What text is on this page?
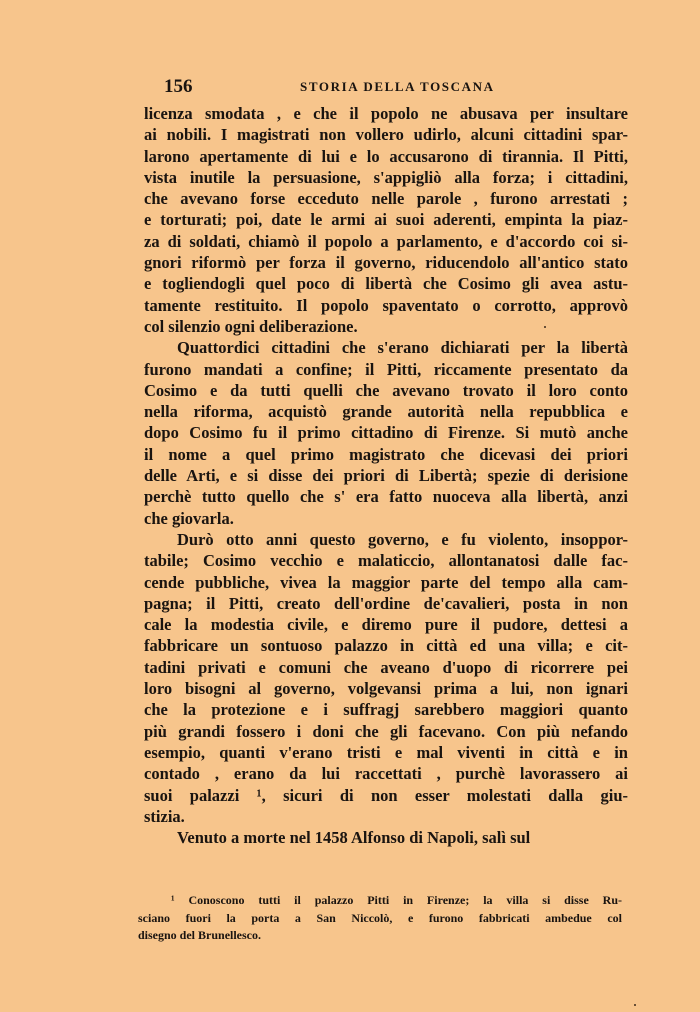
156	STORIA DELLA TOSCANA
licenza smodata , e che il popolo ne abusava per insultare
ai nobili. I magistrati non vollero udirlo, alcuni cittadini spar-
larono apertamente di lui e lo accusarono di tirannia. Il Pitti,
vista inutile la persuasione, s'appigliò alla forza; i cittadini,
che avevano forse ecceduto nelle parole , furono arrestati ;
e torturati; poi, date le armi ai suoi aderenti, empinta la piaz-
za di soldati, chiamò il popolo a parlamento, e d'accordo coi si-
gnori riformò per forza il governo, riducendolo all'antico stato
e togliendogli quel poco di libertà che Cosimo gli avea astu-
tamente restituito. Il popolo spaventato o corrotto, approvò
col silenzio ogni deliberazione.
Quattordici cittadini che s'erano dichiarati per la libertà
furono mandati a confine; il Pitti, riccamente presentato da
Cosimo e da tutti quelli che avevano trovato il loro conto
nella riforma, acquistò grande autorità nella repubblica e
dopo Cosimo fu il primo cittadino di Firenze. Si mutò anche
il nome a quel primo magistrato che dicevasi dei priori
delle Arti, e si disse dei priori di Libertà; spezie di derisione
perchè tutto quello che s' era fatto nuoceva alla libertà, anzi
che giovarla.
Durò otto anni questo governo, e fu violento, insoppor-
tabile; Cosimo vecchio e malaticcio, allontanatosi dalle fac-
cende pubbliche, vivea la maggior parte del tempo alla cam-
pagna; il Pitti, creato dell'ordine de'cavalieri, posta in non
cale la modestia civile, e diremo pure il pudore, dettesi a
fabbricare un sontuoso palazzo in città ed una villa; e cit-
tadini privati e comuni che aveano d'uopo di ricorrere pei
loro bisogni al governo, volgevansi prima a lui, non ignari
che la protezione e i suffragj sarebbero maggiori quanto
più grandi fossero i doni che gli facevano. Con più nefando
esempio, quanti v'erano tristi e mal viventi in città e in
contado , erano da lui raccettati , purchè lavorassero ai
suoi palazzi ¹, sicuri di non esser molestati dalla giu-
stizia.
Venuto a morte nel 1458 Alfonso di Napoli, salì sul
¹ Conoscono tutti il palazzo Pitti in Firenze; la villa si disse Ru-
sciano fuori la porta a San Niccolò, e furono fabbricati ambedue col
disegno del Brunellesco.
